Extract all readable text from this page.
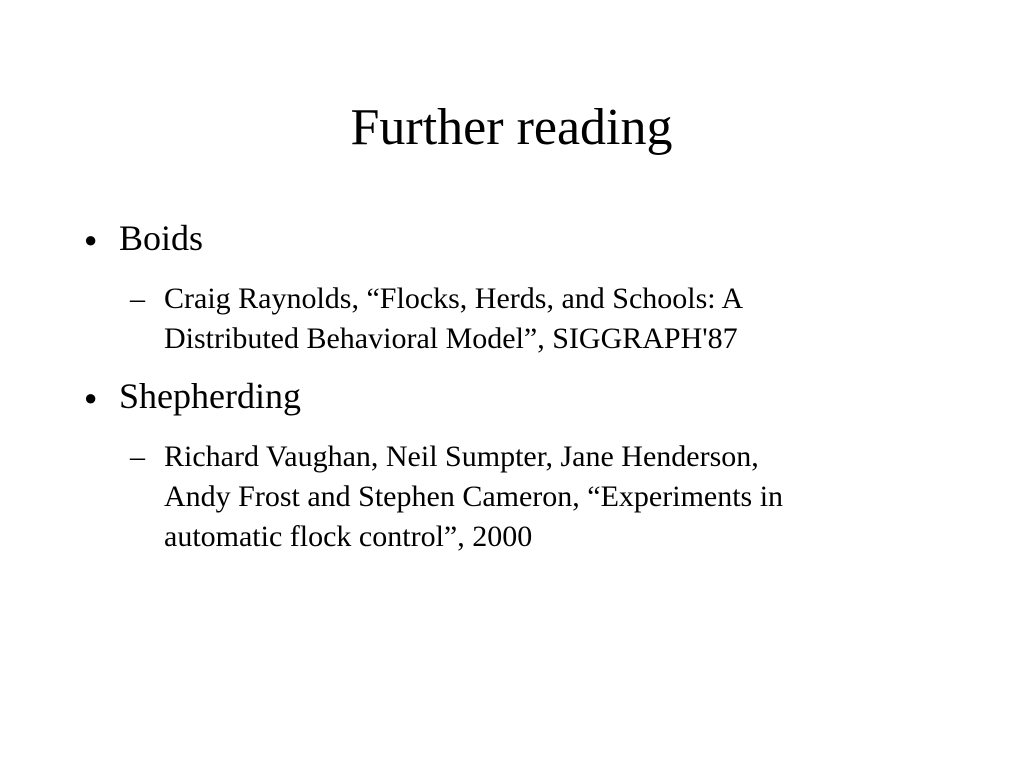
Further reading
● Boids
– Craig Raynolds, “Flocks, Herds, and Schools: A
Distributed Behavioral Model”, SIGGRAPH'87
● Shepherding
– Richard Vaughan, Neil Sumpter, Jane Henderson,
Andy Frost and Stephen Cameron, “Experiments in
automatic flock control”, 2000
